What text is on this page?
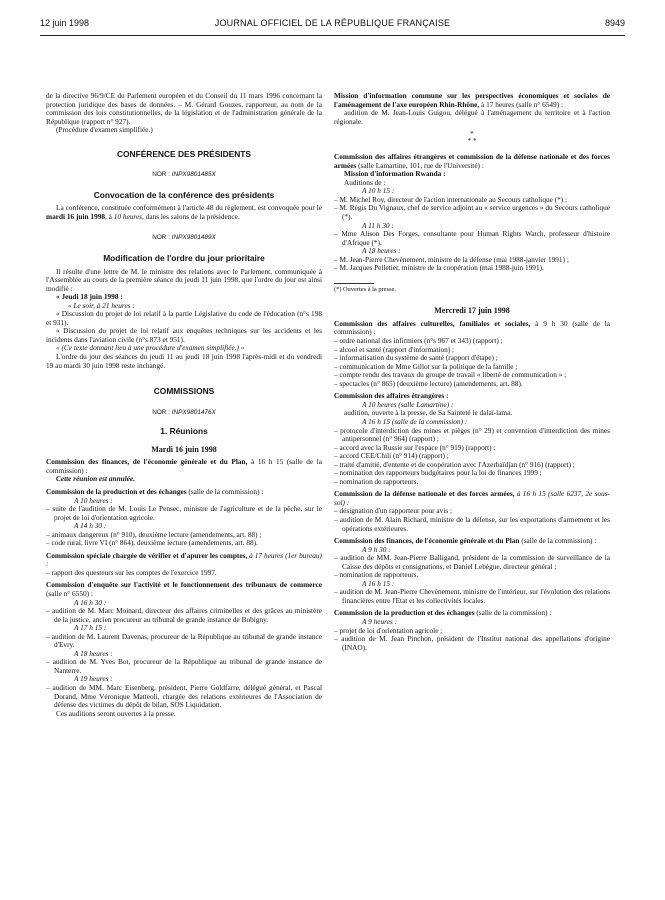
12 juin 1998	JOURNAL OFFICIEL DE LA RÉPUBLIQUE FRANÇAISE	8949

de la directive 96/9/CE du Parlement européen et du Conseil du 11 mars 1996 concernant la protection juridique des bases de données. – M. Gérard Gouzes, rapporteur, au nom de la commission des lois constitutionnelles, de la législation et de l'administration générale de la République (rapport n° 927).

(Procédure d'examen simplifiée.)

CONFÉRENCE DES PRÉSIDENTS

NOR : INPX9801485X

Convocation de la conférence des présidents

La conférence, constituée conformément à l'article 48 du règlement, est convoquée pour le mardi 16 juin 1998, à 10 heures, dans les salons de la présidence.

NOR : INPX9801489X

Modification de l'ordre du jour prioritaire

Il résulte d'une lettre de M. le ministre des relations avec le Parlement, communiquée à l'Assemblée au cours de la première séance du jeudi 11 juin 1998, que l'ordre du jour est ainsi modifié :

« Jeudi 18 juin 1998 :

« Le soir, à 21 heures :

« Discussion du projet de loi relatif à la partie Législative du code de l'éducation (n°s 198 et 931).

« Discussion du projet de loi relatif aux enquêtes techniques sur les accidents et les incidents dans l'aviation civile (n°s 873 et 951).

« (Ce texte donnant lieu à une procédure d'examen simplifiée.) »

L'ordre du jour des séances du jeudi 11 au jeudi 18 juin 1998 l'après-midi et du vendredi 19 au mardi 30 juin 1998 reste inchangé.

COMMISSIONS

NOR : INPX9801476X

1. Réunions

Mardi 16 juin 1998

Commission des finances, de l'économie générale et du Plan, à 16 h 15 (salle de la commission) :

Cette réunion est annulée.

Commission de la production et des échanges (salle de la commission) :

A 10 heures :

– suite de l'audition de M. Louis Le Pensec, ministre de l'agriculture et de la pêche, sur le projet de loi d'orientation agricole.

A 14 h 30 :

– animaux dangereux (n° 910), deuxième lecture (amendements, art. 88) ;

– code rural, livre VI (n° 864), deuxième lecture (amendements, art. 88).

Commission spéciale chargée de vérifier et d'apurer les comptes, à 17 heures (1er bureau) :

– rapport des questeurs sur les comptes de l'exercice 1997.

Commission d'enquête sur l'activité et le fonctionnement des tribunaux de commerce (salle n° 6550) :

A 16 h 30 :

– audition de M. Marc Moinard, directeur des affaires criminelles et des grâces au ministère de la justice, ancien procureur au tribunal de grande instance de Bobigny.

A 17 h 15 :

– audition de M. Laurent Davenas, procureur de la République au tribunal de grande instance d'Evry.

A 18 heures :

– audition de M. Yves Bot, procureur de la République au tribunal de grande instance de Nanterre.

A 19 heures :

– audition de MM. Marc Eisenberg, président, Pierre Goldfarre, délégué général, et Pascal Dorand, Mme Véronique Matteoli, chargée des relations extérieures de l'Association de défense des victimes du dépôt de bilan, SOS Liquidation.

Ces auditions seront ouvertes à la presse.

Mission d'information commune sur les perspectives économiques et sociales de l'aménagement de l'axe européen Rhin-Rhône, à 17 heures (salle n° 6549) :

audition de M. Jean-Louis Guigou, délégué à l'aménagement du territoire et à l'action régionale.

*

* *

Commission des affaires étrangères et commission de la défense nationale et des forces armées (salle Lamartine, 101, rue de l'Université) :

Mission d'information Rwanda :

Auditions de :

A 10 h 15 :

– M. Michel Roy, directeur de l'action internationale au Secours catholique (*) ;

– M. Régis Du Vignaux, chef de service adjoint au « service urgences » du Secours catholique (*).

A 11 h 30 :

– Mme Alison Des Forges, consultante pour Human Rights Watch, professeur d'histoire d'Afrique (*).

A 18 heures :

– M. Jean-Pierre Chevènement, ministre de la défense (mai 1988-janvier 1991) ;

– M. Jacques Pelletier, ministre de la coopération (mai 1988-juin 1991).

(*) Ouvertes à la presse.

Mercredi 17 juin 1998

Commission des affaires culturelles, familiales et sociales, à 9 h 30 (salle de la commission) :

– ordre national des infirmiers (n°s 967 et 343) (rapport) ;

– alcool et santé (rapport d'information) ;

– informatisation du système de santé (rapport d'étape) ;

– communication de Mme Gillot sur la politique de la famille ;

– compte rendu des travaux du groupe de travail « liberté de communication » ;

– spectacles (n° 865) (deuxième lecture) (amendements, art. 88).

Commission des affaires étrangères :

A 10 heures (salle Lamartine) :

audition, ouverte à la presse, de Sa Sainteté le dalaï-lama.

A 16 h 15 (salle de la commission) :

– protocole d'interdiction des mines et pièges (n° 29) et convention d'interdiction des mines antipersonnel (n° 964) (rapport) ;

– accord avec la Russie sur l'espace (n° 919) (rapport) ;

– accord CEE/Chili (n° 914) (rapport) ;

– traité d'amitié, d'entente et de coopération avec l'Azerbaïdjan (n° 916) (rapport) ;

– nomination des rapporteurs budgétaires pour la loi de finances 1999 ;

– nomination de rapporteurs.

Commission de la défense nationale et des forces armées, à 16 h 15 (salle 6237, 2e sous-sol) :

– désignation d'un rapporteur pour avis ;

– audition de M. Alain Richard, ministre de la défense, sur les exportations d'armement et les opérations extérieures.

Commission des finances, de l'économie générale et du Plan (salle de la commission) :

A 9 h 30 :

– audition de MM. Jean-Pierre Balligand, président de la commission de surveillance de la Caisse des dépôts et consignations, et Daniel Lebègue, directeur général ;

– nomination de rapporteurs.

A 16 h 15 :

– audition de M. Jean-Pierre Chevènement, ministre de l'intérieur, sur l'évolution des relations financières entre l'Etat et les collectivités locales.

Commission de la production et des échanges (salle de la commission) :

A 9 heures :

– projet de loi d'orientation agricole ;

– audition de M. Jean Pinchon, président de l'Institut national des appellations d'origine (INAO).
